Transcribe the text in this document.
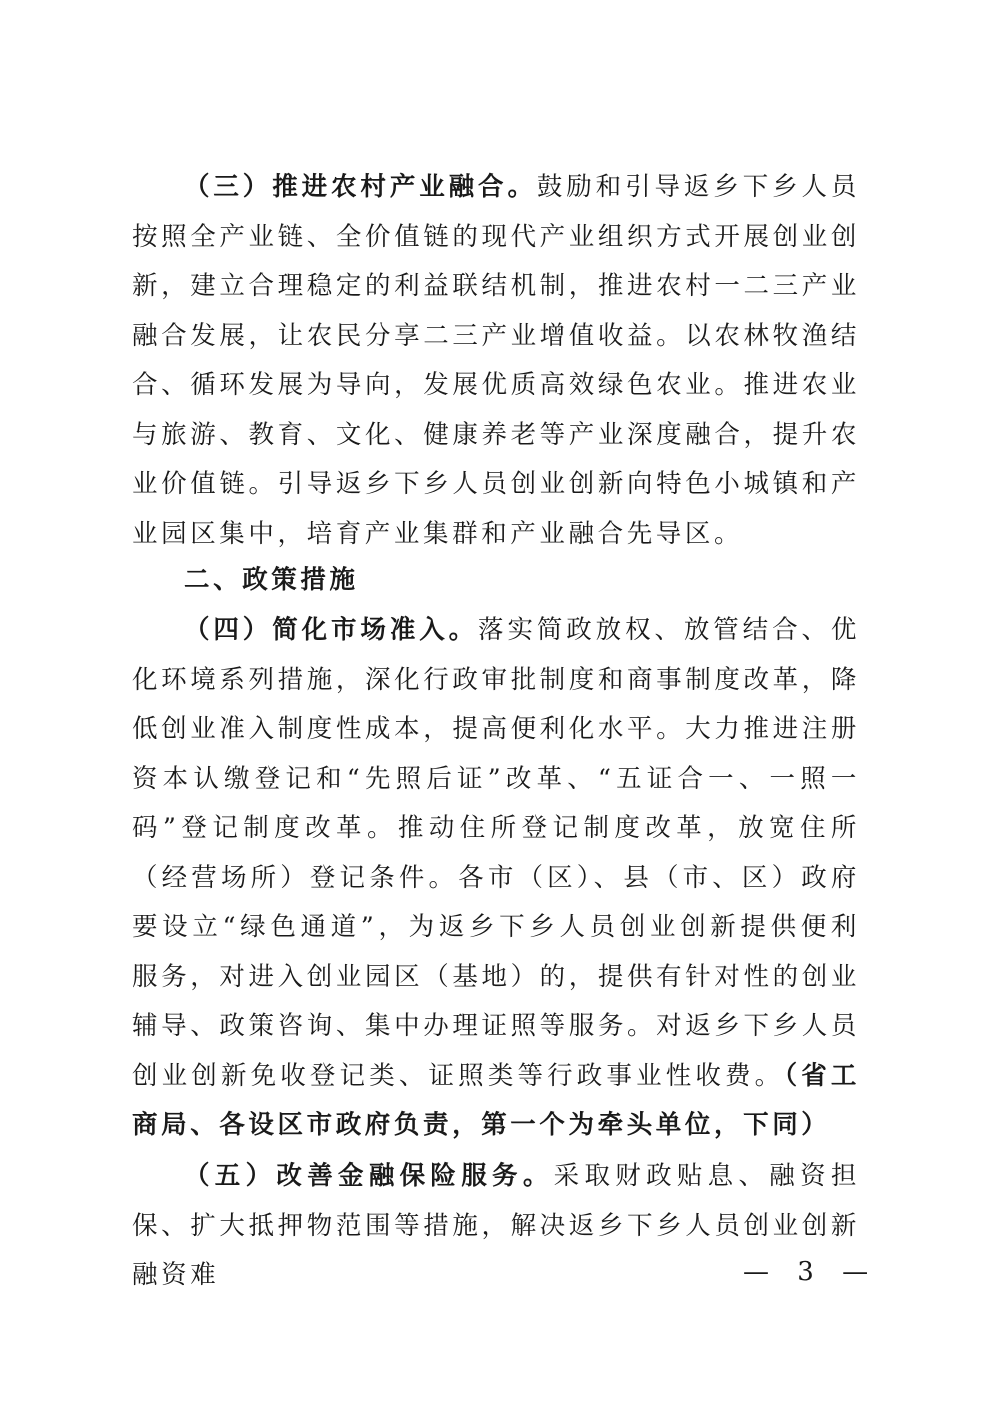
（三）推进农村产业融合。鼓励和引导返乡下乡人员按照全产业链、全价值链的现代产业组织方式开展创业创新，建立合理稳定的利益联结机制，推进农村一二三产业融合发展，让农民分享二三产业增值收益。以农林牧渔结合、循环发展为导向，发展优质高效绿色农业。推进农业与旅游、教育、文化、健康养老等产业深度融合，提升农业价值链。引导返乡下乡人员创业创新向特色小城镇和产业园区集中，培育产业集群和产业融合先导区。

二、政策措施

（四）简化市场准入。落实简政放权、放管结合、优化环境系列措施，深化行政审批制度和商事制度改革，降低创业准入制度性成本，提高便利化水平。大力推进注册资本认缴登记和“先照后证”改革、“五证合一、一照一码”登记制度改革。推动住所登记制度改革，放宽住所（经营场所）登记条件。各市（区）、县（市、区）政府要设立“绿色通道”，为返乡下乡人员创业创新提供便利服务，对进入创业园区（基地）的，提供有针对性的创业辅导、政策咨询、集中办理证照等服务。对返乡下乡人员创业创新免收登记类、证照类等行政事业性收费。（省工商局、各设区市政府负责，第一个为牵头单位，下同）

（五）改善金融保险服务。采取财政贴息、融资担保、扩大抵押物范围等措施，解决返乡下乡人员创业创新融资难	— 3 —
